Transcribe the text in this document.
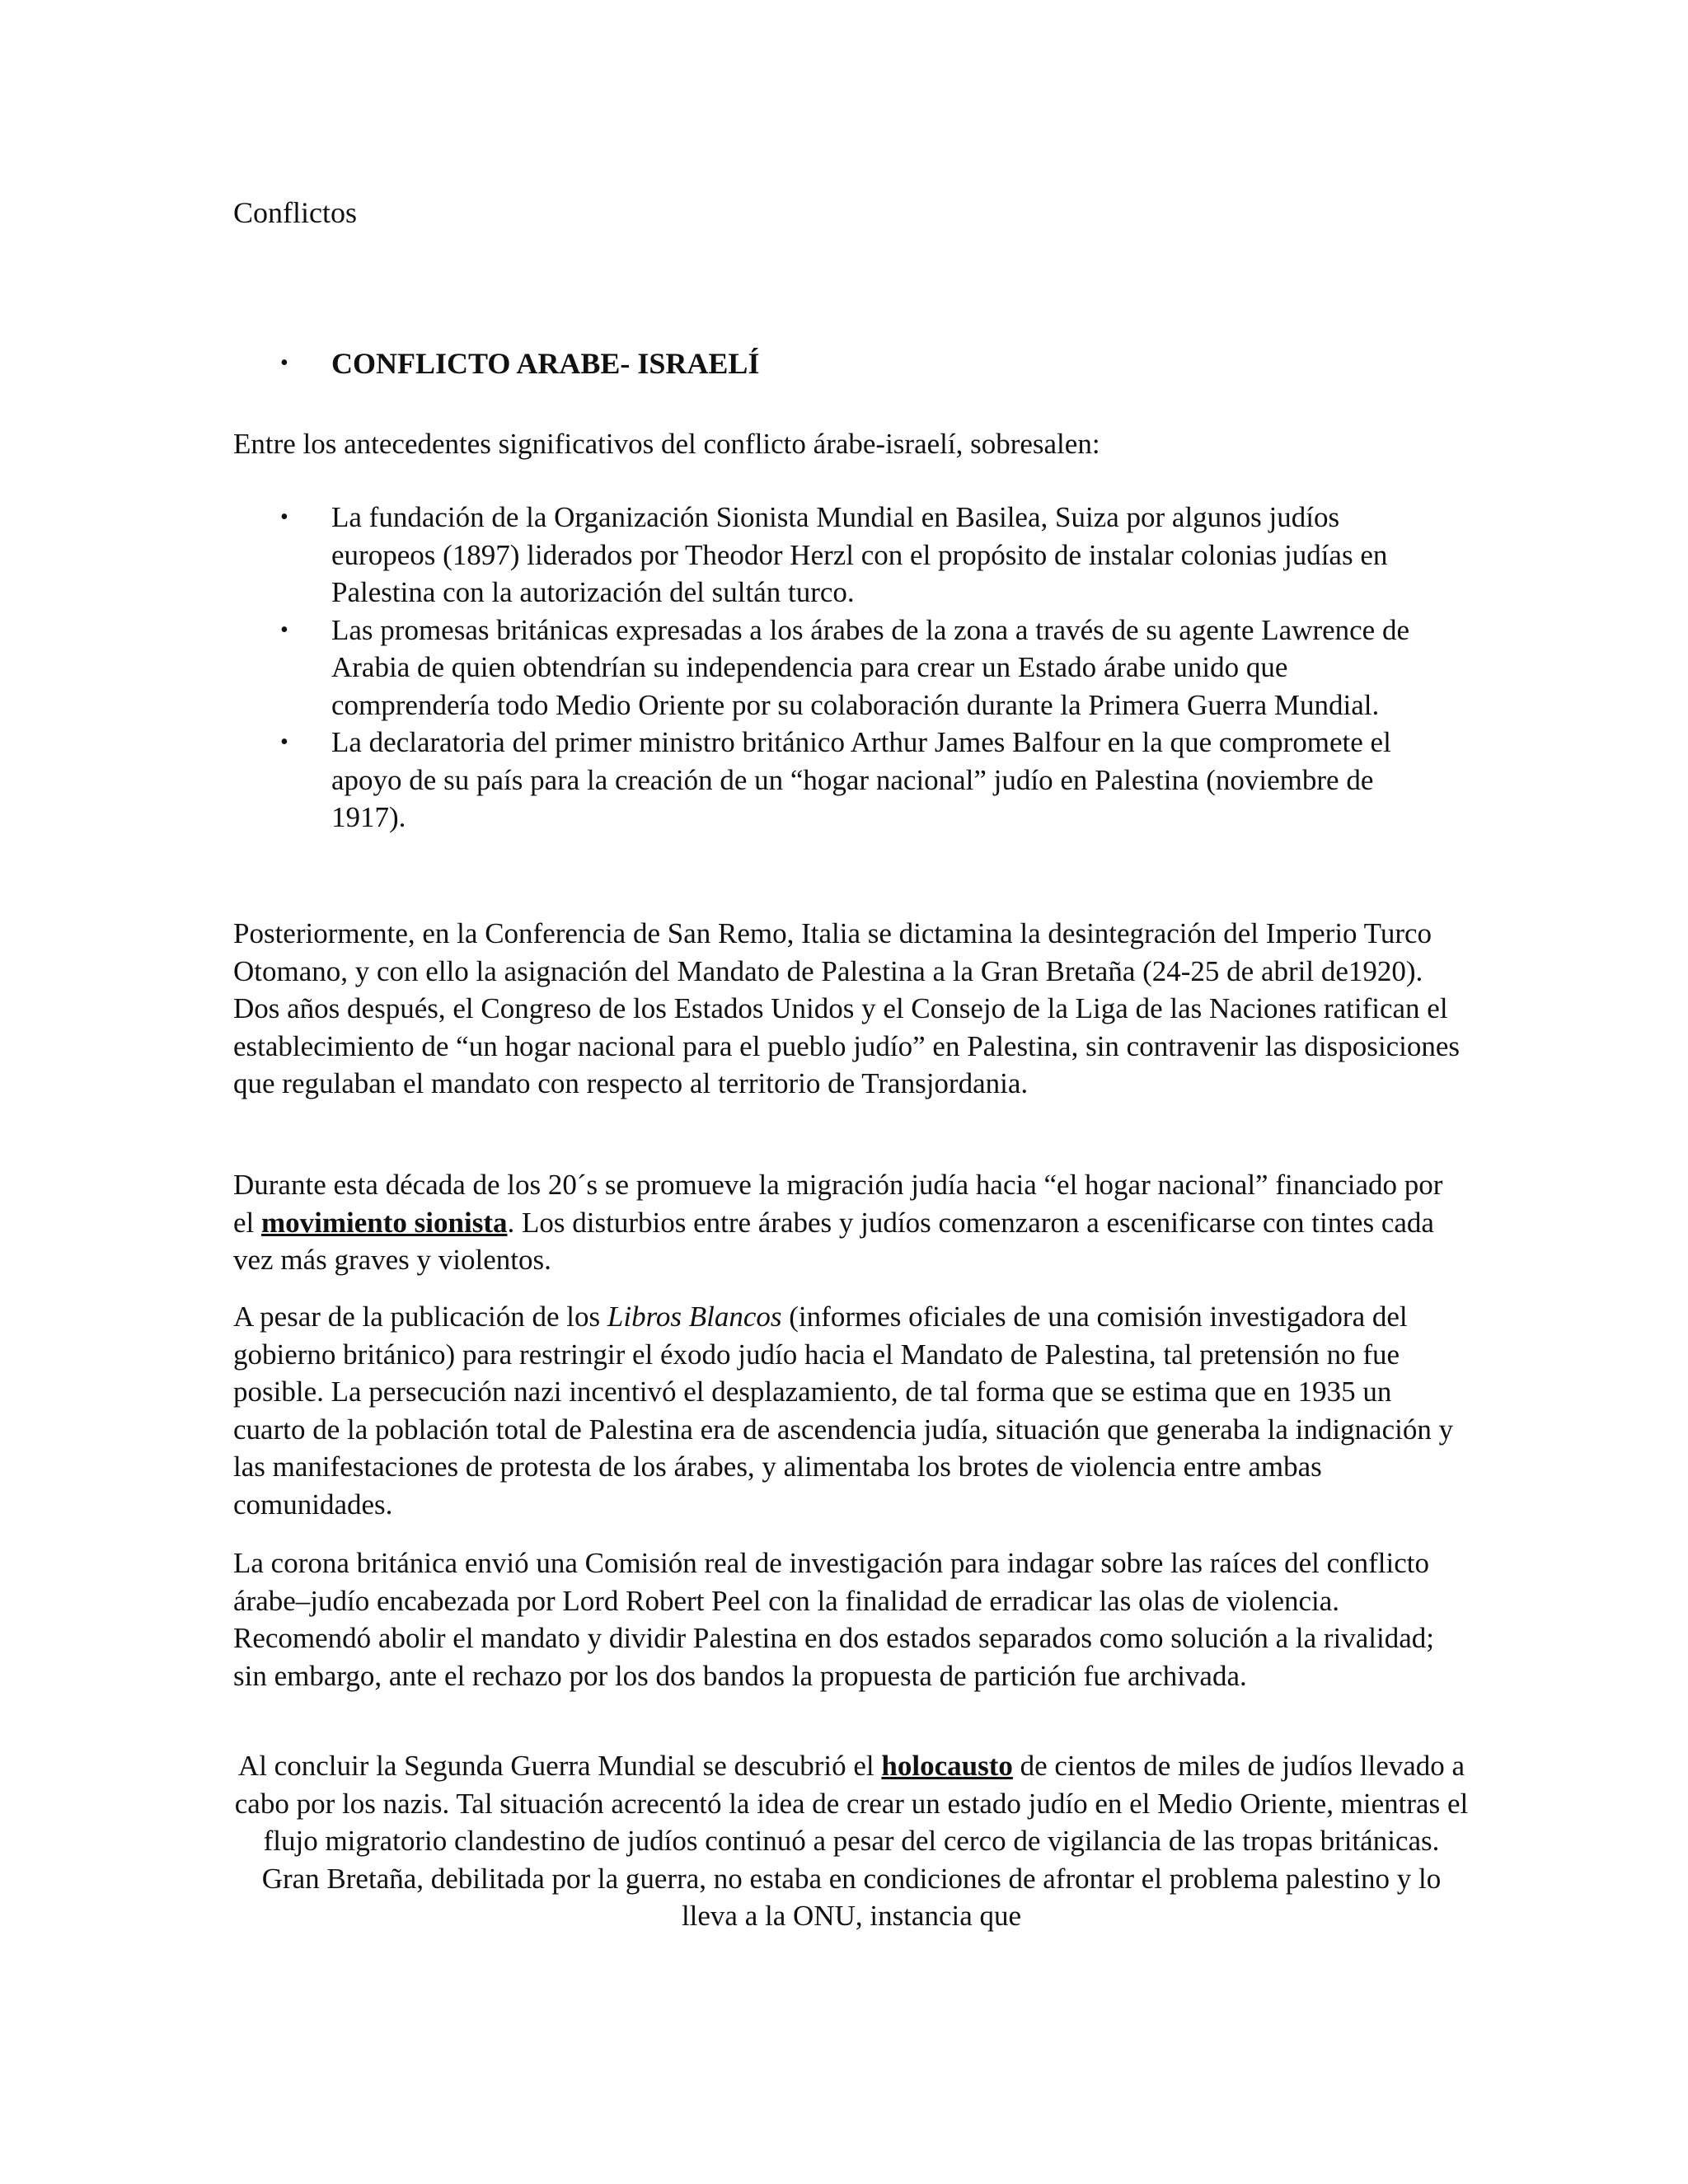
Conflictos
•	CONFLICTO ARABE- ISRAELÍ

Entre los antecedentes significativos del conflicto árabe-israelí, sobresalen:

• La fundación de la Organización Sionista Mundial en Basilea, Suiza por algunos judíos europeos (1897) liderados por Theodor Herzl con el propósito de instalar colonias judías en Palestina con la autorización del sultán turco.
• Las promesas británicas expresadas a los árabes de la zona a través de su agente Lawrence de Arabia de quien obtendrían su independencia para crear un Estado árabe unido que comprendería todo Medio Oriente por su colaboración durante la Primera Guerra Mundial.
• La declaratoria del primer ministro británico Arthur James Balfour en la que compromete el apoyo de su país para la creación de un “hogar nacional” judío en Palestina (noviembre de 1917).

Posteriormente, en la Conferencia de San Remo, Italia se dictamina la desintegración del Imperio Turco Otomano, y con ello la asignación del Mandato de Palestina a la Gran Bretaña (24-25 de abril de1920). Dos años después, el Congreso de los Estados Unidos y el Consejo de la Liga de las Naciones ratifican el establecimiento de “un hogar nacional para el pueblo judío” en Palestina, sin contravenir las disposiciones que regulaban el mandato con respecto al territorio de Transjordania.

Durante esta década de los 20´s se promueve la migración judía hacia “el hogar nacional” financiado por el movimiento sionista. Los disturbios entre árabes y judíos comenzaron a escenificarse con tintes cada vez más graves y violentos.

A pesar de la publicación de los Libros Blancos (informes oficiales de una comisión investigadora del gobierno británico) para restringir el éxodo judío hacia el Mandato de Palestina, tal pretensión no fue posible. La persecución nazi incentivó el desplazamiento, de tal forma que se estima que en 1935 un cuarto de la población total de Palestina era de ascendencia judía, situación que generaba la indignación y las manifestaciones de protesta de los árabes, y alimentaba los brotes de violencia entre ambas comunidades.

La corona británica envió una Comisión real de investigación para indagar sobre las raíces del conflicto árabe–judío encabezada por Lord Robert Peel con la finalidad de erradicar las olas de violencia. Recomendó abolir el mandato y dividir Palestina en dos estados separados como solución a la rivalidad; sin embargo, ante el rechazo por los dos bandos la propuesta de partición fue archivada.

Al concluir la Segunda Guerra Mundial se descubrió el holocausto de cientos de miles de judíos llevado a cabo por los nazis. Tal situación acrecentó la idea de crear un estado judío en el Medio Oriente, mientras el flujo migratorio clandestino de judíos continuó a pesar del cerco de vigilancia de las tropas británicas. Gran Bretaña, debilitada por la guerra, no estaba en condiciones de afrontar el problema palestino y lo lleva a la ONU, instancia que
